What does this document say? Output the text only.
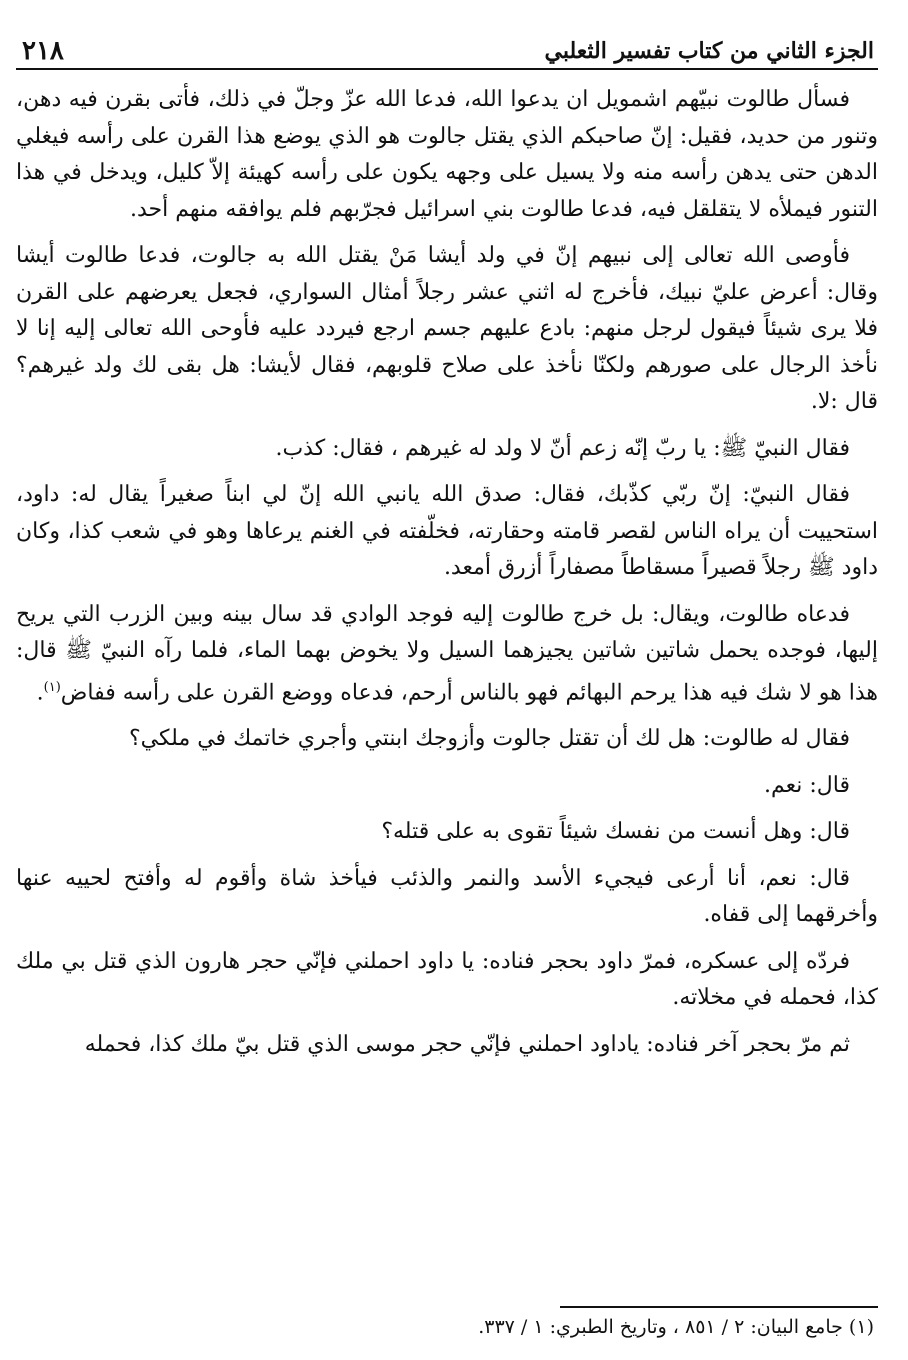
الجزء الثاني من كتاب تفسير الثعلبي
٢١٨

فسأل طالوت نبيّهم اشمويل ان يدعوا الله، فدعا الله عزّ وجلّ في ذلك، فأتى بقرن فيه دهن، وتنور من حديد، فقيل: إنّ صاحبكم الذي يقتل جالوت هو الذي يوضع هذا القرن على رأسه فيغلي الدهن حتى يدهن رأسه منه ولا يسيل على وجهه يكون على رأسه كهيئة إلاّ كليل، ويدخل في هذا التنور فيملأه لا يتقلقل فيه، فدعا طالوت بني اسرائيل فجرّبهم فلم يوافقه منهم أحد.

فأوصى الله تعالى إلى نبيهم إنّ في ولد أيشا مَنْ يقتل الله به جالوت، فدعا طالوت أيشا وقال: أعرض عليّ نبيك، فأخرج له اثني عشر رجلاً أمثال السواري، فجعل يعرضهم على القرن فلا يرى شيئاً فيقول لرجل منهم: بادع عليهم جسم ارجع فيردد عليه فأوحى الله تعالى إليه إنا لا نأخذ الرجال على صورهم ولكنّا نأخذ على صلاح قلوبهم، فقال لأيشا: هل بقى لك ولد غيرهم؟ قال :لا.

فقال النبيّ ﷺ: يا ربّ إنّه زعم أنّ لا ولد له غيرهم ، فقال: كذب.

فقال النبيّ: إنّ ربّي كذّبك، فقال: صدق الله يانبي الله إنّ لي ابناً صغيراً يقال له: داود، استحييت أن يراه الناس لقصر قامته وحقارته، فخلّفته في الغنم يرعاها وهو في شعب كذا، وكان داود ﷺ رجلاً قصيراً مسقاطاً مصفاراً أزرق أمعد.

فدعاه طالوت، ويقال: بل خرج طالوت إليه فوجد الوادي قد سال بينه وبين الزرب التي يريح إليها، فوجده يحمل شاتين شاتين يجيزهما السيل ولا يخوض بهما الماء، فلما رآه النبيّ ﷺ قال: هذا هو لا شك فيه هذا يرحم البهائم فهو بالناس أرحم، فدعاه ووضع القرن على رأسه ففاض$^{(١)}$.

فقال له طالوت: هل لك أن تقتل جالوت وأزوجك ابنتي وأجري خاتمك في ملكي؟

قال: نعم.

قال: وهل أنست من نفسك شيئاً تقوى به على قتله؟

قال: نعم، أنا أرعى فيجيء الأسد والنمر والذئب فيأخذ شاة وأقوم له وأفتح لحييه عنها وأخرقهما إلى قفاه.

فردّه إلى عسكره، فمرّ داود بحجر فناده: يا داود احملني فإنّي حجر هارون الذي قتل بي ملك كذا، فحمله في مخلاته.

ثم مرّ بحجر آخر فناده: ياداود احملني فإنّي حجر موسى الذي قتل بيّ ملك كذا، فحمله

(١) جامع البيان: ٢ / ٨٥١ ، وتاريخ الطبري: ١ / ٣٣٧.
